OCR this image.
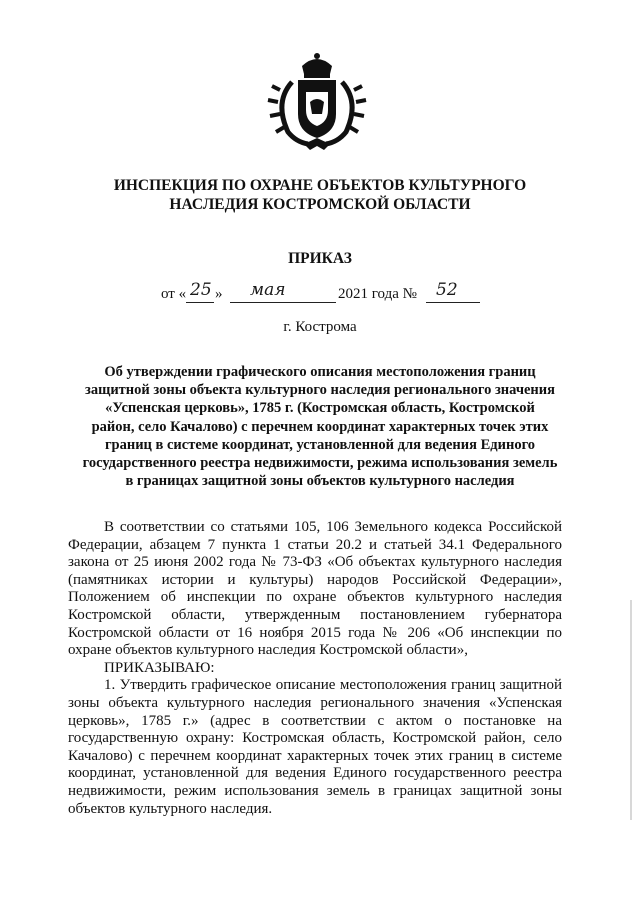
ИНСПЕКЦИЯ ПО ОХРАНЕ ОБЪЕКТОВ КУЛЬТУРНОГО НАСЛЕДИЯ КОСТРОМСКОЙ ОБЛАСТИ
ПРИКАЗ
от « 25 » мая	2021 года № 52
г. Кострома
Об утверждении графического описания местоположения границ защитной зоны объекта культурного наследия регионального значения «Успенская церковь», 1785 г. (Костромская область, Костромской район, село Качалово) с перечнем координат характерных точек этих границ в системе координат, установленной для ведения Единого государственного реестра недвижимости, режима использования земель в границах защитной зоны объектов культурного наследия

В соответствии со статьями 105, 106 Земельного кодекса Российской Федерации, абзацем 7 пункта 1 статьи 20.2 и статьей 34.1 Федерального закона от 25 июня 2002 года № 73-ФЗ «Об объектах культурного наследия (памятниках истории и культуры) народов Российской Федерации», Положением об инспекции по охране объектов культурного наследия Костромской области, утвержденным постановлением губернатора Костромской области от 16 ноября 2015 года № 206 «Об инспекции по охране объектов культурного наследия Костромской области»,

ПРИКАЗЫВАЮ:

1. Утвердить графическое описание местоположения границ защитной зоны объекта культурного наследия регионального значения «Успенская церковь», 1785 г.» (адрес в соответствии с актом о постановке на государственную охрану: Костромская область, Костромской район, село Качалово) с перечнем координат характерных точек этих границ в системе координат, установленной для ведения Единого государственного реестра недвижимости, режим использования земель в границах защитной зоны объектов культурного наследия.
